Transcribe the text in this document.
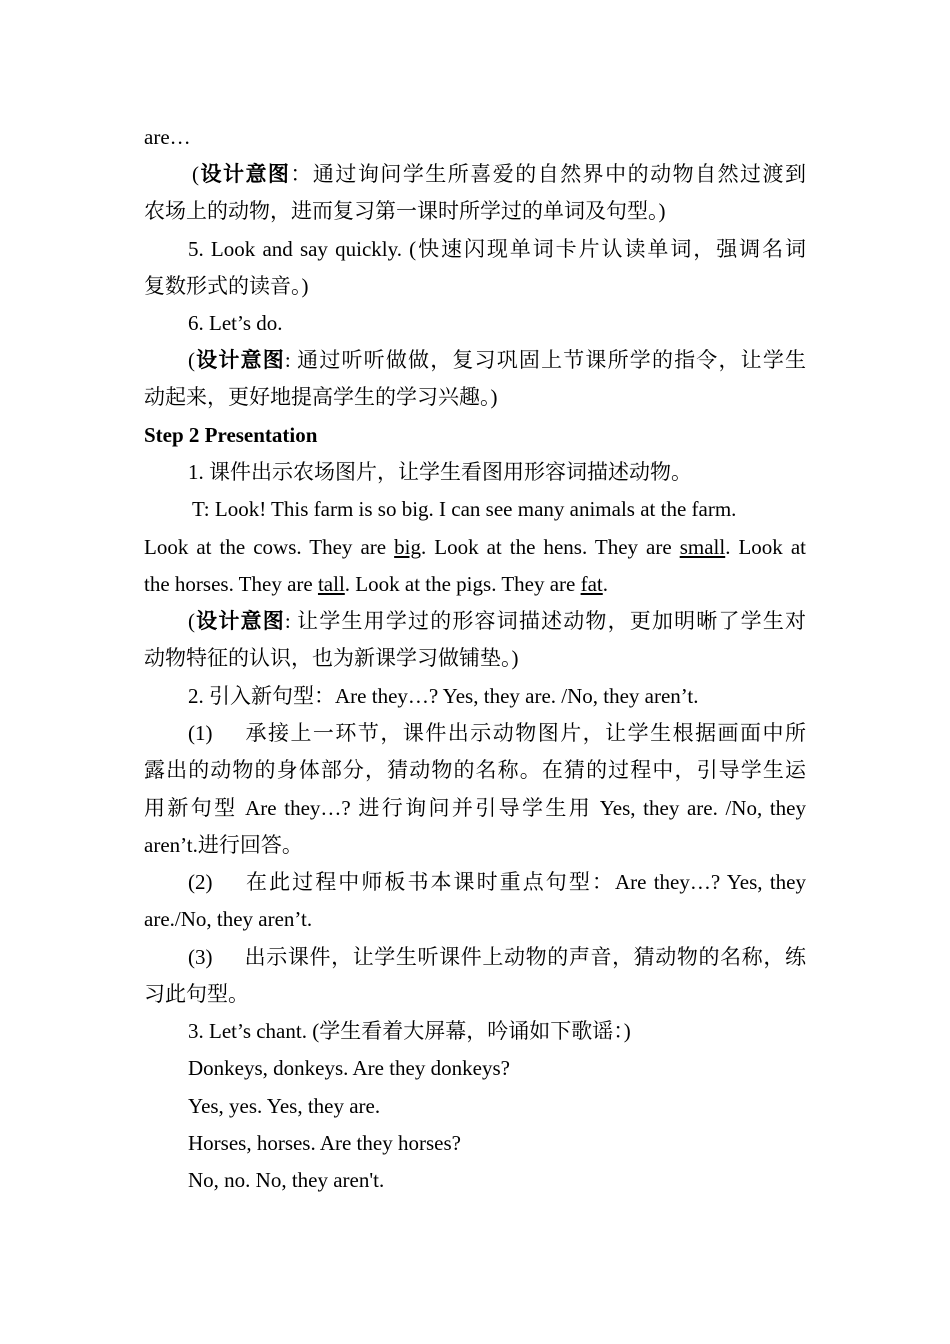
are…
(设计意图：通过询问学生所喜爱的自然界中的动物自然过渡到
农场上的动物，进而复习第一课时所学过的单词及句型。)
5. Look and say quickly. (快速闪现单词卡片认读单词，强调名词
复数形式的读音。)
6. Let’s do.
(设计意图: 通过听听做做，复习巩固上节课所学的指令，让学生
动起来，更好地提高学生的学习兴趣。)
Step 2 Presentation
1. 课件出示农场图片，让学生看图用形容词描述动物。
T: Look! This farm is so big. I can see many animals at the farm.
Look at the cows. They are big. Look at the hens. They are small. Look at
the horses. They are tall. Look at the pigs. They are fat.
(设计意图: 让学生用学过的形容词描述动物，更加明晰了学生对
动物特征的认识，也为新课学习做铺垫。)
2. 引入新句型：Are they…? Yes, they are. /No, they aren’t.
(1) 承接上一环节，课件出示动物图片，让学生根据画面中所
露出的动物的身体部分，猜动物的名称。在猜的过程中，引导学生运
用新句型 Are they…? 进行询问并引导学生用 Yes, they are. /No, they
aren’t.进行回答。
(2) 在此过程中师板书本课时重点句型：Are they…? Yes, they
are./No, they aren’t.
(3) 出示课件，让学生听课件上动物的声音，猜动物的名称，练
习此句型。
3. Let’s chant. (学生看着大屏幕，吟诵如下歌谣：)
Donkeys, donkeys. Are they donkeys?
Yes, yes. Yes, they are.
Horses, horses. Are they horses?
No, no. No, they aren't.
